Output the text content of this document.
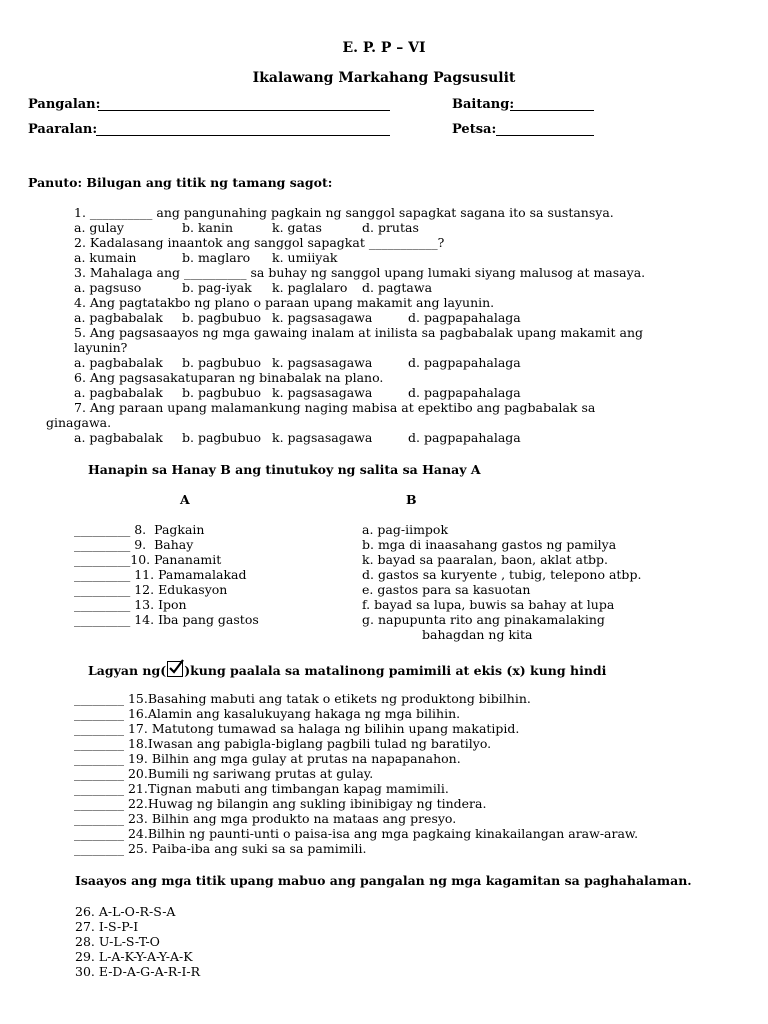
E. P. P – VI
Ikalawang Markahang Pagsusulit
Pangalan:	Baitang:
Paaralan:	Petsa:
Panuto: Bilugan ang titik ng tamang sagot:
1. __________ ang pangunahing pagkain ng sanggol sapagkat sagana ito sa sustansya.
a. gulay	b. kanin	k. gatas	d. prutas
2. Kadalasang inaantok ang sanggol sapagkat ___________?
a. kumain	b. maglaro k. umiiyak
3. Mahalaga ang __________ sa buhay ng sanggol upang lumaki siyang malusog at masaya.
a. pagsuso	b. pag-iyak k. paglalaro d. pagtawa
4. Ang pagtatakbo ng plano o paraan upang makamit ang layunin.
a. pagbabalak b. pagbubuo k. pagsasagawa	d. pagpapahalaga
5. Ang pagsasaayos ng mga gawaing inalam at inilista sa pagbabalak upang makamit ang
layunin?
a. pagbabalak b. pagbubuo k. pagsasagawa	d. pagpapahalaga
6. Ang pagsasakatuparan ng binabalak na plano.
a. pagbabalak b. pagbubuo k. pagsasagawa	d. pagpapahalaga
7. Ang paraan upang malamankung naging mabisa at epektibo ang pagbabalak sa
ginagawa.
a. pagbabalak b. pagbubuo k. pagsasagawa	d. pagpapahalaga
Hanapin sa Hanay B ang tinutukoy ng salita sa Hanay A
A	B
_________ 8.  Pagkain
_________ 9.  Bahay
_________10. Pananamit
_________ 11. Pamamalakad
_________ 12. Edukasyon
_________ 13. Ipon
_________ 14. Iba pang gastos
a. pag-iimpok
b. mga di inaasahang gastos ng pamilya
k. bayad sa paaralan, baon, aklat atbp.
d. gastos sa kuryente , tubig, telepono atbp.
e. gastos para sa kasuotan
f. bayad sa lupa, buwis sa bahay at lupa
g. napupunta rito ang pinakamalaking
bahagdan ng kita
Lagyan ng( )kung paalala sa matalinong pamimili at ekis (x) kung hindi
________ 15.Basahing mabuti ang tatak o etikets ng produktong bibilhin.
________ 16.Alamin ang kasalukuyang hakaga ng mga bilihin.
________ 17. Matutong tumawad sa halaga ng bilihin upang makatipid.
________ 18.Iwasan ang pabigla-biglang pagbili tulad ng baratilyo.
________ 19. Bilhin ang mga gulay at prutas na napapanahon.
________ 20.Bumili ng sariwang prutas at gulay.
________ 21.Tignan mabuti ang timbangan kapag mamimili.
________ 22.Huwag ng bilangin ang sukling ibinibigay ng tindera.
________ 23. Bilhin ang mga produkto na mataas ang presyo.
________ 24.Bilhin ng paunti-unti o paisa-isa ang mga pagkaing kinakailangan araw-araw.
________ 25. Paiba-iba ang suki sa sa pamimili.
Isaayos ang mga titik upang mabuo ang pangalan ng mga kagamitan sa paghahalaman.
26. A-L-O-R-S-A
27. I-S-P-I
28. U-L-S-T-O
29. L-A-K-Y-A-Y-A-K
30. E-D-A-G-A-R-I-R
